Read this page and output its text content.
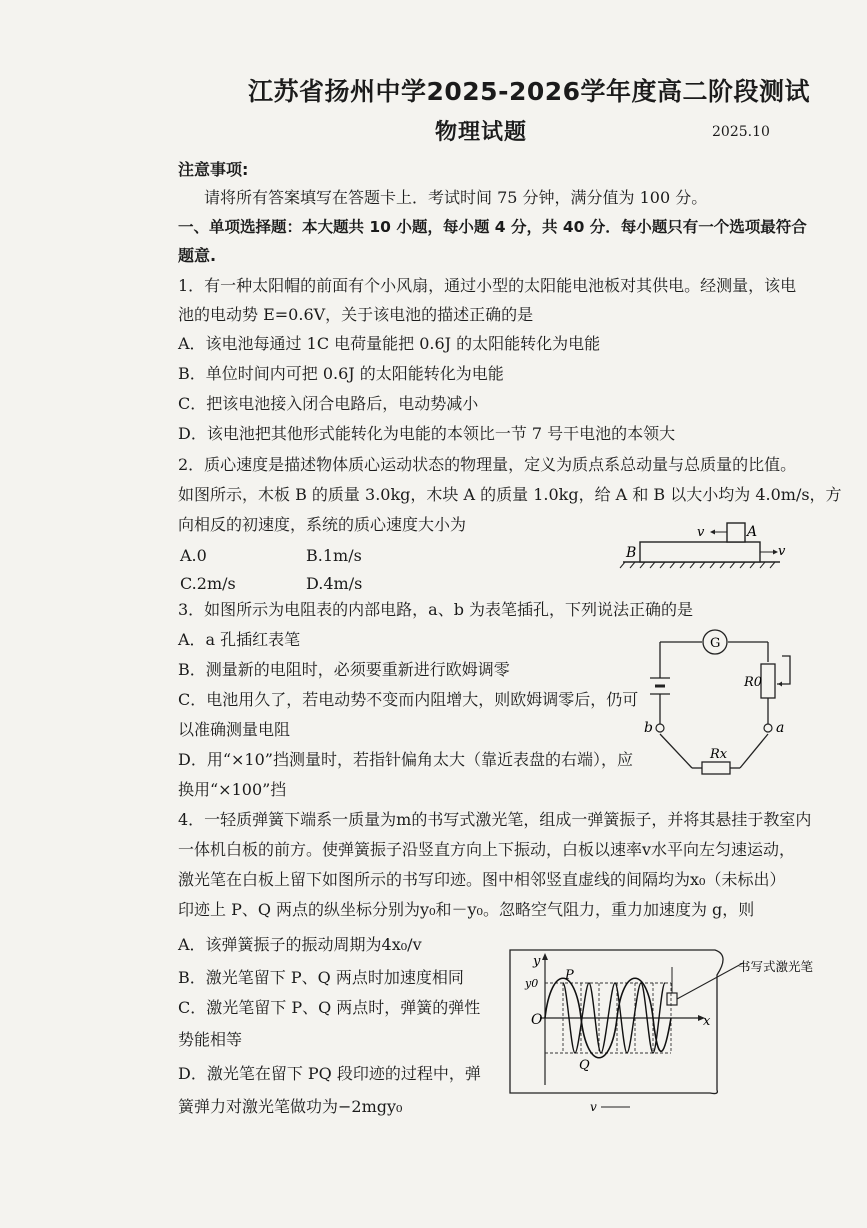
江苏省扬州中学2025-2026学年度高二阶段测试
物理试题	2025.10
注意事项:
请将所有答案填写在答题卡上．考试时间 75 分钟，满分值为 100 分。
一、单项选择题：本大题共 10 小题，每小题 4 分，共 40 分．每小题只有一个选项最符合
题意.
1．有一种太阳帽的前面有个小风扇，通过小型的太阳能电池板对其供电。经测量，该电
池的电动势 E=0.6V，关于该电池的描述正确的是
A．该电池每通过 1C 电荷量能把 0.6J 的太阳能转化为电能
B．单位时间内可把 0.6J 的太阳能转化为电能
C．把该电池接入闭合电路后，电动势减小
D．该电池把其他形式能转化为电能的本领比一节 7 号干电池的本领大
2．质心速度是描述物体质心运动状态的物理量，定义为质点系总动量与总质量的比值。
如图所示，木板 B 的质量 3.0kg，木块 A 的质量 1.0kg，给 A 和 B 以大小均为 4.0m/s，方
向相反的初速度，系统的质心速度大小为
A.0	B.1m/s
C.2m/s	D.4m/s
v	A
v
B
3．如图所示为电阻表的内部电路，a、b 为表笔插孔，下列说法正确的是
A．a 孔插红表笔
B．测量新的电阻时，必须要重新进行欧姆调零
C．电池用久了，若电动势不变而内阻增大，则欧姆调零后，仍可
以准确测量电阻
D．用“×10”挡测量时，若指针偏角太大（靠近表盘的右端），应
换用“×100”挡
G
R0
Rx
b	a
4．一轻质弹簧下端系一质量为m的书写式激光笔，组成一弹簧振子，并将其悬挂于教室内
一体机白板的前方。使弹簧振子沿竖直方向上下振动，白板以速率v水平向左匀速运动，
激光笔在白板上留下如图所示的书写印迹。图中相邻竖直虚线的间隔均为x₀（未标出）
印迹上 P、Q 两点的纵坐标分别为y₀和－y₀。忽略空气阻力，重力加速度为 g，则
A．该弹簧振子的振动周期为4x₀/v
B．激光笔留下 P、Q 两点时加速度相同
C．激光笔留下 P、Q 两点时，弹簧的弹性
势能相等
D．激光笔在留下 PQ 段印迹的过程中，弹
簧弹力对激光笔做功为−2mgy₀
书写式激光笔
y
y0
O	x
P
Q
v
